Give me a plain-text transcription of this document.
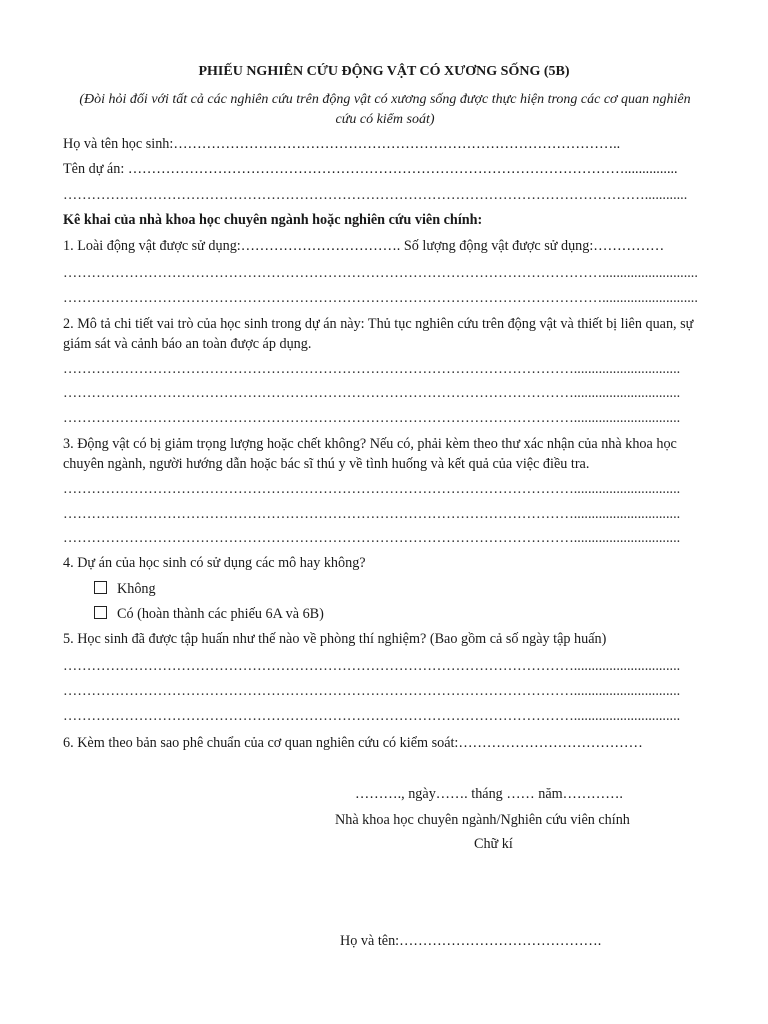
PHIẾU NGHIÊN CỨU ĐỘNG VẬT CÓ XƯƠNG SỐNG (5B)
(Đòi hỏi đối với tất cả các nghiên cứu trên động vật có xương sống được thực hiện trong các cơ quan nghiên cứu có kiểm soát)
Họ và tên học sinh:…………………………………………………………………………………..
Tên dự án: ……………………………………………………………………………………………...............
……………………………………………………………………………………………………………............
Kê khai của nhà khoa học chuyên ngành hoặc nghiên cứu viên chính:
1. Loài động vật được sử dụng:……………………………. Số lượng động vật được sử dụng:……………
……………………………………………………………………………………………………...........................
……………………………………………………………………………………………………...........................
2. Mô tả chi tiết vai trò của học sinh trong dự án này: Thủ tục nghiên cứu trên động vật và thiết bị liên quan, sự giám sát và cảnh báo an toàn được áp dụng.
………………………………………………………………………………………………..............................
………………………………………………………………………………………………..............................
………………………………………………………………………………………………..............................
3. Động vật có bị giảm trọng lượng hoặc chết không? Nếu có, phải kèm theo thư xác nhận của nhà khoa học chuyên ngành, người hướng dẫn hoặc bác sĩ thú y về tình huống và kết quả của việc điều tra.
………………………………………………………………………………………………..............................
………………………………………………………………………………………………..............................
………………………………………………………………………………………………..............................
4. Dự án của học sinh có sử dụng các mô hay không?
Không
Có (hoàn thành các phiếu 6A và 6B)
5. Học sinh đã được tập huấn như thế nào về phòng thí nghiệm? (Bao gồm cả số ngày tập huấn)
………………………………………………………………………………………………..............................
………………………………………………………………………………………………..............................
………………………………………………………………………………………………..............................
6. Kèm theo bản sao phê chuẩn của cơ quan nghiên cứu có kiểm soát:…………………………………
………., ngày……. tháng …… năm………….
Nhà khoa học chuyên ngành/Nghiên cứu viên chính
Chữ kí
Họ và tên:…………………………………….
